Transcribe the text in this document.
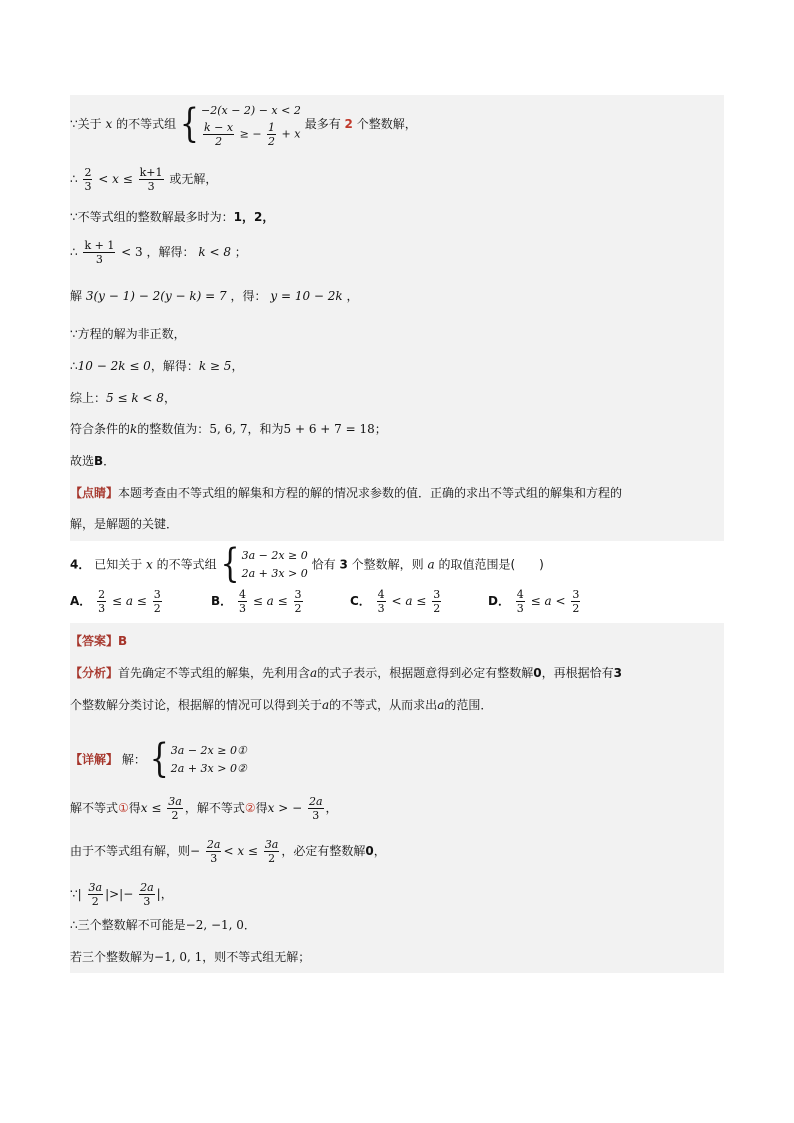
∵关于 x 的不等式组 { −2(x − 2) − x < 2
$\frac{k - x}{2}$ ≥ − $\frac{1}{2} + x$
最多有 2 个整数解，
∴ $\frac{2}{3} < x \le \frac{k+1}{3}$ 或无解，
∵不等式组的整数解最多时为：1，2，
∴ $\frac{k + 1}{3} < 3$ ，解得： k < 8 ；
解 3(y − 1) − 2(y − k) = 7 ，得： y = 10 − 2k ，
∵方程的解为非正数，
∴10 − 2k ≤ 0，解得：k ≥ 5，
综上：5 ≤ k < 8，
符合条件的k的整数值为：5, 6, 7，和为5 + 6 + 7 = 18；
故选B．
【点睛】本题考查由不等式组的解集和方程的解的情况求参数的值．正确的求出不等式组的解集和方程的
解，是解题的关键．
4． 已知关于 x 的不等式组 { 3a − 2x ≥ 0
2a + 3x > 0
恰有 3 个整数解，则 a 的取值范围是(　　)
A． $\frac{2}{3} \le a \le \frac{3}{2}$	B． $\frac{4}{3} \le a \le \frac{3}{2}$	C． $\frac{4}{3} < a \le \frac{3}{2}$	D． $\frac{4}{3} \le a < \frac{3}{2}$
【答案】B
【分析】首先确定不等式组的解集，先利用含a的式子表示，根据题意得到必定有整数解0，再根据恰有3
个整数解分类讨论，根据解的情况可以得到关于a的不等式，从而求出a的范围．
【详解】 解： { 3a − 2x ≥ 0①
2a + 3x > 0②
解不等式①得$x \le \frac{3a}{2}$ ，解不等式②得x > − $\frac{2a}{3}$ ，
由于不等式组有解，则− $\frac{2a}{3} < x \le \frac{3a}{2}$ ，必定有整数解0，
∵| $\frac{3a}{2}$ |>|− $\frac{2a}{3}$ |，
∴三个整数解不可能是−2, −1, 0．
若三个整数解为−1, 0, 1，则不等式组无解；
